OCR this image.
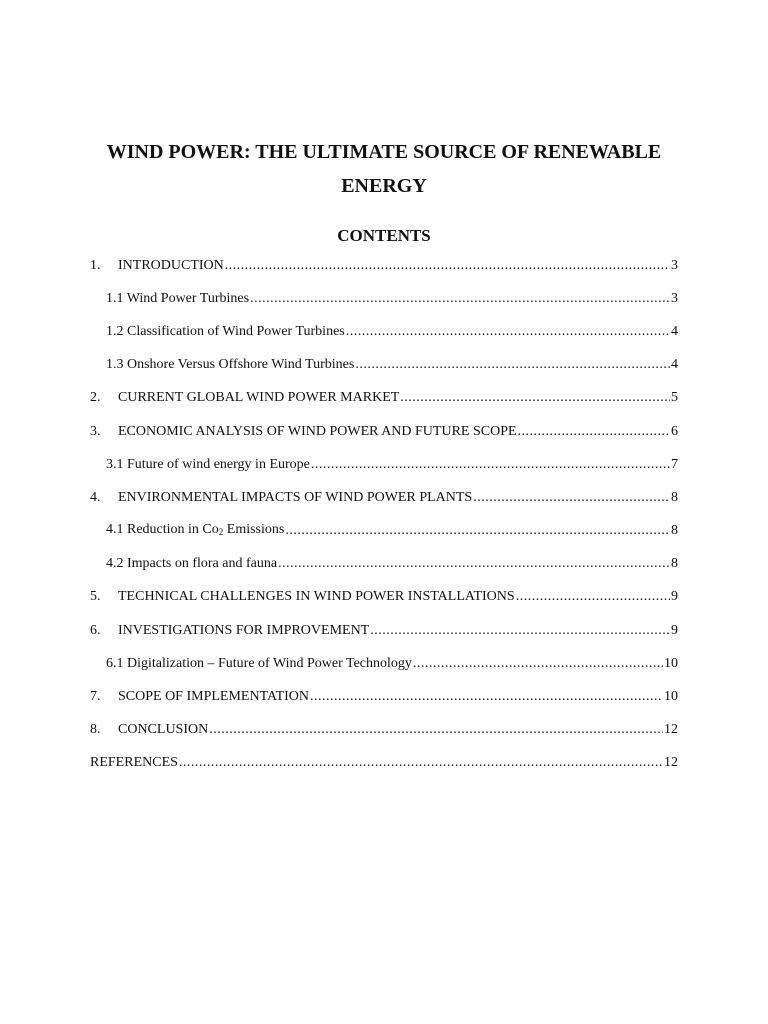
WIND POWER: THE ULTIMATE SOURCE OF RENEWABLE
ENERGY
CONTENTS
1.	INTRODUCTION .....	3
1.1 Wind Power Turbines .....	3
1.2 Classification of Wind Power Turbines .....	4
1.3 Onshore Versus Offshore Wind Turbines .....	4
2.	CURRENT GLOBAL WIND POWER MARKET .....	5
3.	ECONOMIC ANALYSIS OF WIND POWER AND FUTURE SCOPE .....	6
3.1 Future of wind energy in Europe .....	7
4.	ENVIRONMENTAL IMPACTS OF WIND POWER PLANTS .....	8
4.1 Reduction in Co2 Emissions .....	8
4.2 Impacts on flora and fauna .....	8
5.	TECHNICAL CHALLENGES IN WIND POWER INSTALLATIONS .....	9
6.	INVESTIGATIONS FOR IMPROVEMENT .....	9
6.1 Digitalization – Future of Wind Power Technology .....	10
7.	SCOPE OF IMPLEMENTATION .....	10
8.	CONCLUSION .....	12
REFERENCES .....	12
